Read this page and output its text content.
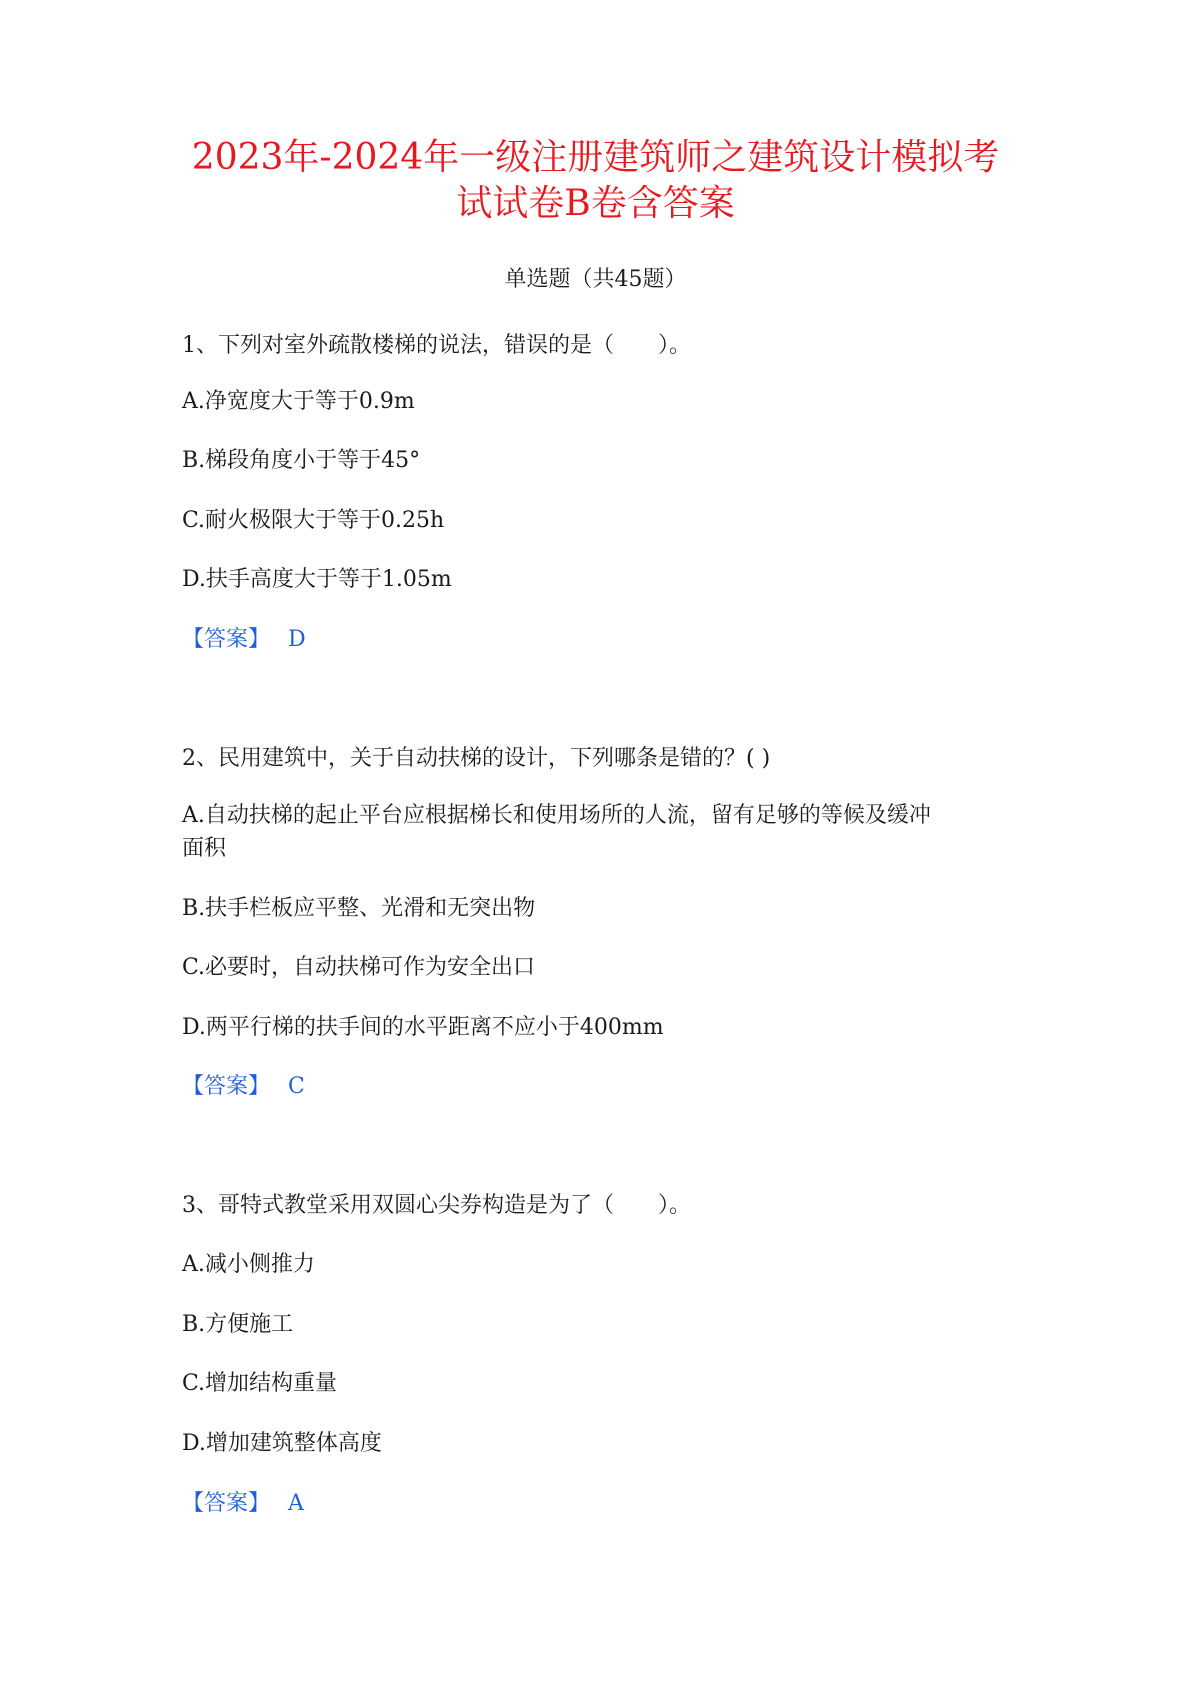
2023年-2024年一级注册建筑师之建筑设计模拟考
试试卷B卷含答案
单选题（共45题）
1、下列对室外疏散楼梯的说法，错误的是（　　）。
A.净宽度大于等于0.9m
B.梯段角度小于等于45°
C.耐火极限大于等于0.25h
D.扶手高度大于等于1.05m
【答案】 D
2、民用建筑中，关于自动扶梯的设计，下列哪条是错的？( )
A.自动扶梯的起止平台应根据梯长和使用场所的人流，留有足够的等候及缓冲
面积
B.扶手栏板应平整、光滑和无突出物
C.必要时，自动扶梯可作为安全出口
D.两平行梯的扶手间的水平距离不应小于400mm
【答案】 C
3、哥特式教堂采用双圆心尖券构造是为了（　　）。
A.减小侧推力
B.方便施工
C.增加结构重量
D.增加建筑整体高度
【答案】 A
